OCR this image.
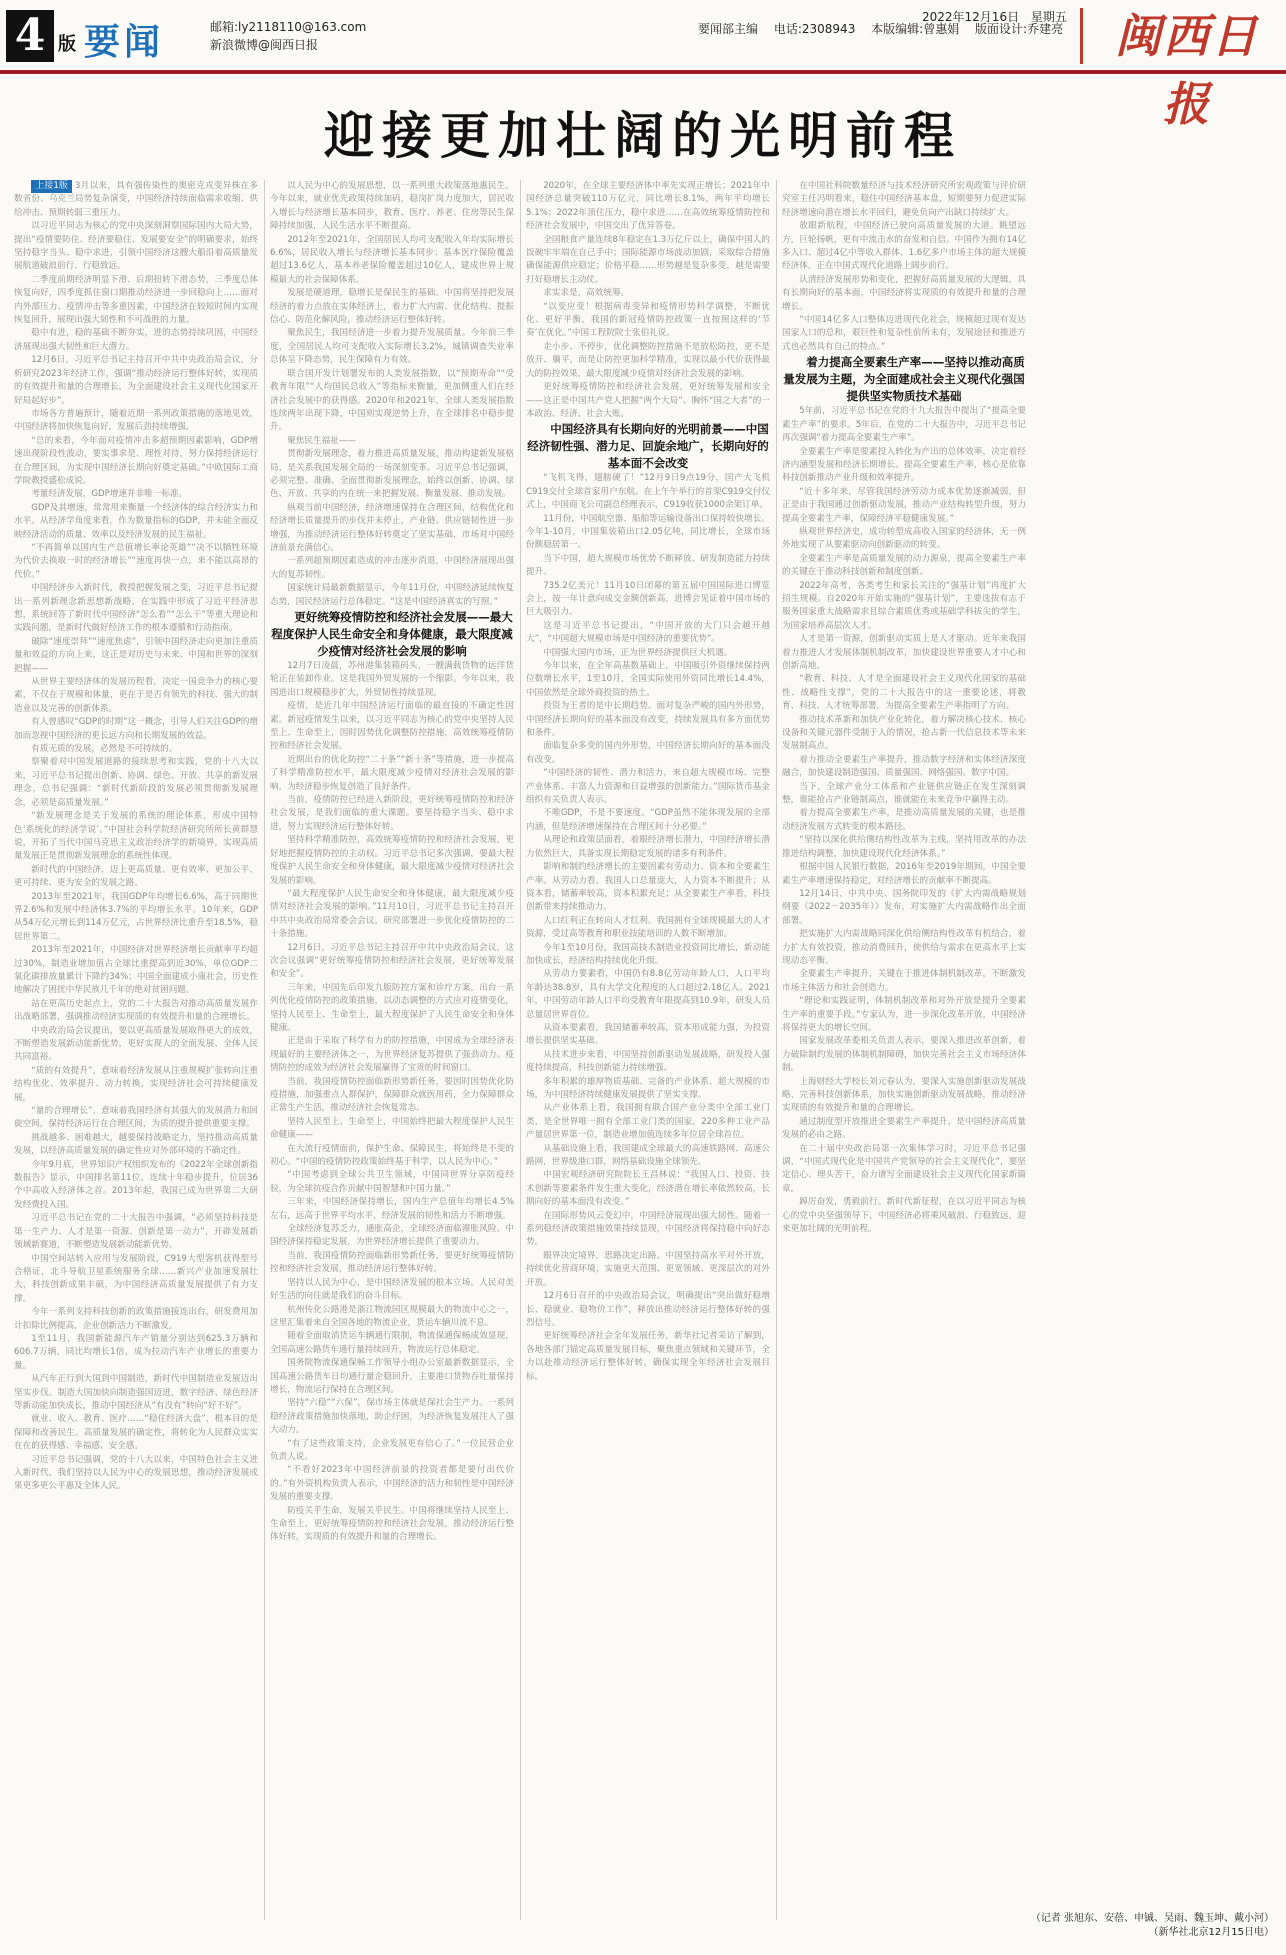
4 版 要闻	邮箱:ly2118110@163.com
新浪微博@闽西日报
要闻部主编 电话:2308943 本版编辑:曾惠娟 版面设计:乔建亮
2022年12月16日 星期五	闽西日报
迎接更加壮阔的光明前程

上接1版 3月以来，具有强传染性的奥密克戎变异株在多数省份、乌克兰局势复杂演变，中国经济持续面临需求收缩、供给冲击、预期转弱三重压力。

以习近平同志为核心的党中央深刻洞察国际国内大局大势，提出“疫情要防住、经济要稳住、发展要安全”的明确要求，始终坚持稳字当头、稳中求进，引领中国经济这艘大船沿着高质量发展航道破浪前行、行稳致远。

二季度前期经济明显下滑、后期扭转下滑态势，三季度总体恢复向好，四季度抓住窗口期推动经济进一步回稳向上……面对内外部压力、疫情冲击等多重因素，中国经济在较短时间内实现恢复回升，展现出强大韧性和不可战胜的力量。

稳中有进，稳的基础不断夯实，进的态势持续巩固，中国经济展现出强大韧性和巨大潜力。

12月6日，习近平总书记主持召开中共中央政治局会议，分析研究2023年经济工作，强调“推动经济运行整体好转，实现质的有效提升和量的合理增长，为全面建设社会主义现代化国家开好局起好步”。

市场各方普遍预计，随着近期一系列政策措施的落地见效，中国经济将加快恢复向好，发展后劲持续增强。

“总的来看，今年面对疫情冲击多超预期因素影响，GDP增速出现阶段性波动，要实事求是、理性对待，努力保持经济运行在合理区间，为实现中国经济长期向好奠定基础。”中欧国际工商学院教授盛松成说。

考量经济发展，GDP增速并非唯一标准。

GDP及其增速，常常用来衡量一个经济体的综合经济实力和水平。从经济学角度来看，作为数量指标的GDP，并未能全面反映经济活动的质量、效率以及经济发展的民生福祉。

“不再简单以国内生产总值增长率论英雄”“决不以牺牲环境为代价去换取一时的经济增长”“速度再快一点，来不能以高昂的代价。”

中国经济步入新时代，教授把握发展之变，习近平总书记提出一系列新理念新思想新战略，在实践中形成了习近平经济思想，系统回答了新时代中国经济“怎么看”“怎么干”等重大理论和实践问题，是新时代做好经济工作的根本遵循和行动指南。

破除“速度崇拜”“速度焦虑”，引领中国经济走向更加注重质量和效益的方向上来，这正是对历史与未来、中国和世界的深刻把握——

从世界主要经济体的发展历程看，决定一国竞争力的核心要素，不仅在于规模和体量，更在于是否有领先的科技、强大的制造业以及完善的创新体系。

有人曾感叹“GDP的时期”这一概念，引导人们关注GDP的增加而忽视中国经济的更长远方向和长期发展的效益。

有质无质的发展，必然是不可持续的。

察聚着对中国发展道路的接续思考和实践，党的十八大以来，习近平总书记提出创新、协调、绿色、开放、共享的新发展理念，总书记强调：“新时代新阶段的发展必须贯彻新发展理念，必须是高质量发展。”

“新发展理念是关于发展的系统的理论体系，形成中国特色‘系统化的经济学说’。”中国社会科学院经济研究所所长黄群慧说，开拓了当代中国马克思主义政治经济学的新境界，实现高质量发展正是贯彻新发展理念的系统性体现。

新时代的中国经济，迈上更高质量、更有效率、更加公平、更可持续、更为安全的发展之路。

2013年至2021年，我国GDP年均增长6.6%，高于同期世界2.6%和发展中经济体3.7%的平均增长水平。10年来，GDP从54万亿元增长到114万亿元，占世界经济比重升至18.5%，稳居世界第二。

2013年至2021年，中国经济对世界经济增长贡献率平均超过30%，制造业增加值占全球比重提高到近30%，单位GDP二氧化碳排放量累计下降约34%；中国全面建成小康社会，历史性地解决了困扰中华民族几千年的绝对贫困问题。

站在更高历史起点上，党的二十大报告对推动高质量发展作出战略部署，强调推动经济实现质的有效提升和量的合理增长。

中央政治局会议提出，要以更高质量发展取得更大的成效，不断塑造发展新动能新优势，更好实现人的全面发展、全体人民共同富裕。

“质的有效提升”，意味着经济发展从注重规模扩张转向注重结构优化、效率提升、动力转换，实现经济社会可持续健康发展。

“量的合理增长”，意味着我国经济有其强大的发展潜力和回旋空间，保持经济运行在合理区间，为质的提升提供重要支撑。

挑战越多、困难越大，越要保持战略定力，坚持推动高质量发展，以经济高质量发展的确定性应对外部环境的不确定性。

今年9月底，世界知识产权组织发布的《2022年全球创新指数报告》显示，中国排名第11位，连续十年稳步提升，位居36个中高收入经济体之首。2013年起，我国已成为世界第二大研发经费投入国。

习近平总书记在党的二十大报告中强调，“必须坚持科技是第一生产力、人才是第一资源、创新是第一动力”，开辟发展新领域新赛道，不断塑造发展新动能新优势。

中国空间站转入应用与发展阶段，C919大型客机获得型号合格证，北斗导航卫星系统服务全球……新兴产业加速发展壮大，科技创新成果丰硕，为中国经济高质量发展提供了有力支撑。

今年一系列支持科技创新的政策措施接连出台，研发费用加计扣除比例提高，企业创新活力不断激发。

1至11月，我国新能源汽车产销量分别达到625.3万辆和606.7万辆，同比均增长1倍，成为拉动汽车产业增长的重要力量。

从汽车正行到大国到中国制造，新时代中国制造业发展迈出坚实步伐。制造大国加快向制造强国迈进，数字经济、绿色经济等新动能加快成长，推动中国经济从“有没有”转向“好不好”。

就业、收入、教育、医疗……“稳住经济大盘”，根本目的是保障和改善民生。高质量发展的确定性，将转化为人民群众实实在在的获得感、幸福感、安全感。

习近平总书记强调，党的十八大以来，中国特色社会主义进入新时代，我们坚持以人民为中心的发展思想，推动经济发展成果更多更公平惠及全体人民。

以人民为中心的发展思想，以一系列重大政策落地惠民生。今年以来，就业优先政策持续加码，稳岗扩岗力度加大，居民收入增长与经济增长基本同步，教育、医疗、养老、住房等民生保障持续加强，人民生活水平不断提高。

2012年至2021年，全国居民人均可支配收入年均实际增长6.6%，居民收入增长与经济增长基本同步；基本医疗保险覆盖超过13.6亿人，基本养老保险覆盖超过10亿人，建成世界上规模最大的社会保障体系。

发展是硬道理，稳增长是保民生的基础。中国将坚持把发展经济的着力点放在实体经济上，着力扩大内需、优化结构、提振信心、防范化解风险，推动经济运行整体好转。

聚焦民生，我国经济进一步着力提升发展质量。今年前三季度，全国居民人均可支配收入实际增长3.2%，城镇调查失业率总体呈下降态势，民生保障有力有效。

联合国开发计划署发布的人类发展指数，以“预期寿命”“受教育年限”“人均国民总收入”等指标来衡量，更加侧重人们在经济社会发展中的获得感。2020年和2021年，全球人类发展指数连续两年出现下降，中国则实现逆势上升，在全球排名中稳步提升。

聚焦民生福祉——

贯彻新发展理念，着力推进高质量发展，推动构建新发展格局，是关系我国发展全局的一场深刻变革。习近平总书记强调，必须完整、准确、全面贯彻新发展理念，始终以创新、协调、绿色、开放、共享的内在统一来把握发展、衡量发展、推动发展。

纵观当前中国经济，经济增速保持在合理区间，结构优化和经济增长质量提升的步伐并未停止，产业链、供应链韧性进一步增强，为推动经济运行整体好转奠定了坚实基础，市场对中国经济前景充满信心。

一系列超预期因素造成的冲击逐步消退，中国经济展现出强大的复苏韧性。

国家统计局最新数据显示，今年11月份，中国经济延续恢复态势，国民经济运行总体稳定。“这是中国经济真实的写照。”

更好统筹疫情防控和经济社会发展——最大程度保护人民生命安全和身体健康，最大限度减少疫情对经济社会发展的影响

12月7日凌晨，苏州港集装箱码头，一艘满载货物的远洋货轮正在装卸作业。这是我国外贸发展的一个缩影。今年以来，我国进出口规模稳步扩大，外贸韧性持续显现。

疫情，是近几年中国经济运行面临的最直接的不确定性因素。新冠疫情发生以来，以习近平同志为核心的党中央坚持人民至上、生命至上，因时因势优化调整防控措施，高效统筹疫情防控和经济社会发展。

近期出台的优化防控“二十条”“新十条”等措施，进一步提高了科学精准防控水平，最大限度减少疫情对经济社会发展的影响，为经济稳步恢复创造了良好条件。

当前，疫情防控已经进入新阶段，更好统筹疫情防控和经济社会发展，是我们面临的重大课题。要坚持稳字当头、稳中求进，努力实现经济运行整体好转。

坚持科学精准防控，高效统筹疫情防控和经济社会发展，更好地把握疫情防控的主动权。习近平总书记多次强调，要最大程度保护人民生命安全和身体健康，最大限度减少疫情对经济社会发展的影响。

“最大程度保护人民生命安全和身体健康，最大限度减少疫情对经济社会发展的影响。”11月10日，习近平总书记主持召开中共中央政治局常委会会议，研究部署进一步优化疫情防控的二十条措施。

12月6日，习近平总书记主持召开中共中央政治局会议，这次会议强调“更好统筹疫情防控和经济社会发展，更好统筹发展和安全”。

三年来，中国先后印发九版防控方案和诊疗方案，出台一系列优化疫情防控的政策措施，以动态调整的方式应对疫情变化，坚持人民至上、生命至上，最大程度保护了人民生命安全和身体健康。

正是由于采取了科学有力的防控措施，中国成为全球经济表现最好的主要经济体之一，为世界经济复苏提供了强劲动力。疫情防控的成效为经济社会发展赢得了宝贵的时间窗口。

当前，我国疫情防控面临新形势新任务，要因时因势优化防疫措施，加强重点人群保护，保障群众就医用药，全力保障群众正常生产生活，推动经济社会恢复常态。

坚持人民至上、生命至上，中国始终把最大程度保护人民生命健康——

在大流行疫情面前，保护生命、保障民生，将始终是不变的初心。“中国的疫情防控政策始终基于科学，以人民为中心。”

“中国考虑到全球公共卫生领域，中国同世界分享防疫经验，为全球抗疫合作贡献中国智慧和中国力量。”

三年来，中国经济保持增长，国内生产总值年均增长4.5%左右，远高于世界平均水平，经济发展的韧性和活力不断增强。

全球经济复苏乏力，通胀高企，全球经济面临滞胀风险。中国经济保持稳定发展，为世界经济增长提供了重要动力。

当前，我国疫情防控面临新形势新任务，要更好统筹疫情防控和经济社会发展，推动经济运行整体好转。

坚持以人民为中心，是中国经济发展的根本立场。人民对美好生活的向往就是我们的奋斗目标。

杭州传化公路港是浙江物流园区规模最大的物流中心之一，这里汇集着来自全国各地的物流企业，货运车辆川流不息。

随着全面取消货运车辆通行限制，物流保通保畅成效显现，全国高速公路货车通行量持续回升，物流运行总体稳定。

国务院物流保通保畅工作领导小组办公室最新数据显示，全国高速公路货车日均通行量企稳回升，主要港口货物吞吐量保持增长，物流运行保持在合理区间。

坚持“六稳”“六保”，保市场主体就是保社会生产力。一系列稳经济政策措施加快落地，助企纾困，为经济恢复发展注入了强大动力。

“有了这些政策支持，企业发展更有信心了。”一位民营企业负责人说。

“不看好2023年中国经济前景的投资者都是要付出代价的。”有外资机构负责人表示，中国经济的活力和韧性是中国经济发展的重要支撑。

防疫关乎生命，发展关乎民生。中国将继续坚持人民至上、生命至上，更好统筹疫情防控和经济社会发展，推动经济运行整体好转，实现质的有效提升和量的合理增长。

2020年，在全球主要经济体中率先实现正增长；2021年中国经济总量突破110万亿元，同比增长8.1%，两年平均增长5.1%；2022年顶住压力，稳中求进……在高效统筹疫情防控和经济社会发展中，中国交出了优异答卷。

全国粮食产量连续8年稳定在1.3万亿斤以上，确保中国人的饭碗牢牢端在自己手中；国际能源市场波动加剧，采取综合措施确保能源供应稳定；价格平稳……形势越是复杂多变，越是需要打好稳增长主动仗。

求实求是，高效统筹。

“以变应变！根据病毒变异和疫情形势科学调整，不断优化、更好平衡，我国的新冠疫情防控政策一直按照这样的‘节奏’在优化。”中国工程院院士张伯礼说。

走小步、不停步，优化调整防控措施不是放松防控，更不是放开、躺平，而是让防控更加科学精准，实现以最小代价获得最大的防控效果，最大限度减少疫情对经济社会发展的影响。

更好统筹疫情防控和经济社会发展，更好统筹发展和安全——这正是中国共产党人把握“两个大局”、胸怀“国之大者”的一本政治、经济、社会大账。

中国经济具有长期向好的光明前景——中国经济韧性强、潜力足、回旋余地广，长期向好的基本面不会改变

“飞机飞得，翅膀硬了！”12月9日9点19分，国产大飞机C919交付全球首家用户东航。在上午午举行的首架C919交付仪式上，中国商飞公司副总经理表示，C919收获1000余架订单。

11月份，中国航空器、船舶等运输设备出口保持较快增长。今年1-10月，中国集装箱出口2.05亿吨，同比增长，全球市场份额稳居第一。

当下中国，超大规模市场优势不断释放、研发制造能力持续提升。

735.2亿美元！11月10日闭幕的第五届中国国际进口博览会上，按一年计意向成交金额创新高，进博会见证着中国市场的巨大吸引力。

这是习近平总书记提出，“中国开放的大门只会越开越大”，“中国超大规模市场是中国经济的重要优势”。

中国强大国内市场，正为世界经济提供巨大机遇。

今年以来，在全年高基数基础上，中国吸引外资继续保持两位数增长水平，1至10月，全国实际使用外资同比增长14.4%，中国依然是全球外商投资的热土。

投资为王者的是中长期趋势。面对复杂严峻的国内外形势，中国经济长期向好的基本面没有改变，持续发展具有多方面优势和条件。

面临复杂多变的国内外形势，中国经济长期向好的基本面没有改变。

“中国经济的韧性、潜力和活力，来自超大规模市场、完整产业体系、丰富人力资源和日益增强的创新能力。”国际货币基金组织有关负责人表示。

不唯GDP，不是不要速度。“GDP虽然不能体现发展的全部内涵，但是经济增速保持在合理区间十分必要。”

从理论和政策层面看，着眼经济增长潜力，中国经济增长潜力依然巨大，具备实现长期稳定发展的诸多有利条件。

影响和制约经济增长的主要因素有劳动力、资本和全要素生产率。从劳动力看，我国人口总量庞大，人力资本不断提升；从资本看，储蓄率较高，资本积累充足；从全要素生产率看，科技创新带来持续推动力。

人口红利正在转向人才红利。我国拥有全球规模最大的人才资源，受过高等教育和职业技能培训的人数不断增加。

今年1至10月份，我国高技术制造业投资同比增长，新动能加快成长，经济结构持续优化升级。

从劳动力要素看，中国仍有8.8亿劳动年龄人口，人口平均年龄达38.8岁，具有大学文化程度的人口超过2.18亿人。2021年，中国劳动年龄人口平均受教育年限提高到10.9年，研发人员总量居世界首位。

从资本要素看，我国储蓄率较高，资本形成能力强，为投资增长提供坚实基础。

从技术进步来看，中国坚持创新驱动发展战略，研发投入强度持续提高，科技创新能力持续增强。

多年积累的雄厚物质基础、完备的产业体系、超大规模的市场，为中国经济持续健康发展提供了坚实支撑。

从产业体系上看，我国拥有联合国产业分类中全部工业门类，是全世界唯一拥有全部工业门类的国家，220多种工业产品产量居世界第一位，制造业增加值连续多年位居全球首位。

从基础设施上看，我国建成全球最大的高速铁路网、高速公路网，世界级港口群，网络基础设施全球领先。

中国宏观经济研究院院长王昌林说：“我国人口、投资、技术创新等要素条件发生重大变化，经济潜在增长率依然较高，长期向好的基本面没有改变。”

在国际形势风云变幻中，中国经济展现出强大韧性。随着一系列稳经济政策措施效果持续显现，中国经济将保持稳中向好态势。

眼界决定境界，思路决定出路。中国坚持高水平对外开放，持续优化营商环境，实施更大范围、更宽领域、更深层次的对外开放。

12月6日召开的中央政治局会议，明确提出“突出做好稳增长、稳就业、稳物价工作”，释放出推动经济运行整体好转的强烈信号。

更好统筹经济社会全年发展任务，新华社记者采访了解到，各地各部门锚定高质量发展目标，聚焦重点领域和关键环节，全力以赴推动经济运行整体好转，确保实现全年经济社会发展目标。

在中国社科院数量经济与技术经济研究所宏观政策与评价研究室主任冯明看来，稳住中国经济基本盘，短期要努力促进实际经济增速向潜在增长水平回归，避免负向产出缺口持续扩大。

放眼新航程，中国经济已驶向高质量发展的大道。眺望远方，巨轮扬帆，更有中流击水的奋发和自信。中国作为拥有14亿多人口、超过4亿中等收入群体、1.6亿多户市场主体的超大规模经济体，正在中国式现代化道路上阔步前行。

认清经济发展形势和变化，把握好高质量发展的大逻辑，具有长期向好的基本面，中国经济将实现质的有效提升和量的合理增长。

“中国14亿多人口整体迈进现代化社会，规模超过现有发达国家人口的总和，艰巨性和复杂性前所未有，发展途径和推进方式也必然具有自己的特点。”

着力提高全要素生产率——坚持以推动高质量发展为主题，为全面建成社会主义现代化强国提供坚实物质技术基础

5年前，习近平总书记在党的十九大报告中提出了“提高全要素生产率”的要求。5年后，在党的二十大报告中，习近平总书记再次强调“着力提高全要素生产率”。

全要素生产率是要素投入转化为产出的总体效率，决定着经济内涵型发展和经济长期增长。提高全要素生产率，核心是依靠科技创新推动产业升级和效率提升。

“近十多年来，尽管我国经济劳动力成本优势逐渐减弱，但正是由于我国通过创新驱动发展，推动产业结构转型升级，努力提高全要素生产率，保障经济平稳健康发展。”

纵观世界经济史，成功转型成高收入国家的经济体，无一例外地实现了从要素驱动向创新驱动的转变。

全要素生产率是高质量发展的动力源泉，提高全要素生产率的关键在于推动科技创新和制度创新。

2022年高考，各类考生和家长关注的“强基计划”再度扩大招生规模。自2020年开始实施的“强基计划”，主要选拔有志于服务国家重大战略需求且综合素质优秀或基础学科拔尖的学生，为国家培养高层次人才。

人才是第一资源，创新驱动实质上是人才驱动。近年来我国着力推进人才发展体制机制改革，加快建设世界重要人才中心和创新高地。

“教育、科技、人才是全面建设社会主义现代化国家的基础性、战略性支撑”，党的二十大报告中的这一重要论述，将教育、科技、人才统筹部署，为提高全要素生产率指明了方向。

推动技术革新和加快产业化转化，着力解决核心技术、核心设备和关键元器件受制于人的情况，抢占新一代信息技术等未来发展制高点。

着力推动全要素生产率提升，推动数字经济和实体经济深度融合，加快建设制造强国、质量强国、网络强国、数字中国。

当下，全球产业分工体系和产业链供应链正在发生深刻调整，谁能抢占产业链制高点，谁就能在未来竞争中赢得主动。

着力提高全要素生产率，是推动高质量发展的关键，也是推动经济发展方式转变的根本路径。

“坚持以深化供给侧结构性改革为主线，坚持用改革的办法推进结构调整，加快建设现代化经济体系。”

根据中国人民银行数据，2016年至2019年期间，中国全要素生产率增速保持稳定，对经济增长的贡献率不断提高。

12月14日，中共中央、国务院印发的《扩大内需战略规划纲要（2022－2035年）》发布，对实施扩大内需战略作出全面部署。

把实施扩大内需战略同深化供给侧结构性改革有机结合，着力扩大有效投资，推动消费回升，使供给与需求在更高水平上实现动态平衡。

全要素生产率提升，关键在于推进体制机制改革，不断激发市场主体活力和社会创造力。

“理论和实践证明，体制机制改革和对外开放是提升全要素生产率的重要手段。”专家认为，进一步深化改革开放，中国经济将保持更大的增长空间。

国家发展改革委相关负责人表示，要深入推进改革创新，着力破除制约发展的体制机制障碍，加快完善社会主义市场经济体制。

上海财经大学校长刘元春认为，要深入实施创新驱动发展战略，完善科技创新体系，加快实施创新驱动发展战略，推动经济实现质的有效提升和量的合理增长。

通过制度型开放推进全要素生产率提升，是中国经济高质量发展的必由之路。

在二十届中央政治局第一次集体学习时，习近平总书记强调，“中国式现代化是中国共产党领导的社会主义现代化”，要坚定信心、埋头苦干，奋力谱写全面建设社会主义现代化国家新篇章。

踔厉奋发，勇毅前行。新时代新征程，在以习近平同志为核心的党中央坚强领导下，中国经济必将乘风破浪、行稳致远，迎来更加壮阔的光明前程。

（记者 张旭东、安蓓、申铖、吴雨、魏玉坤、戴小河）
（新华社北京12月15日电）
